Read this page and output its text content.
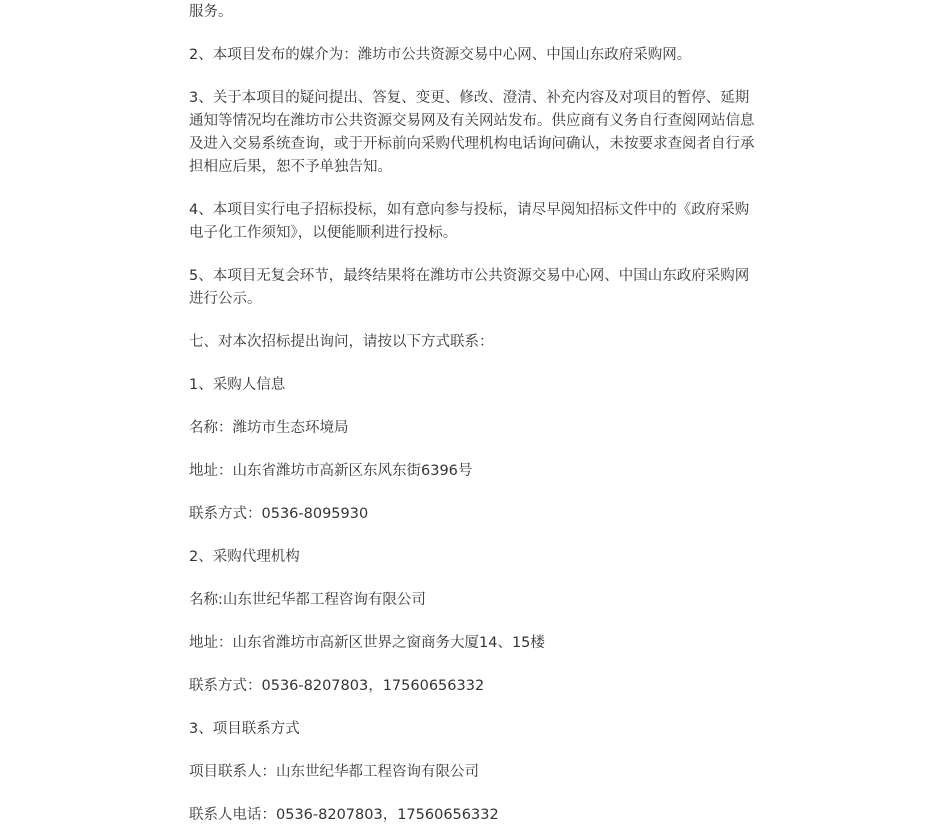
服务。

2、本项目发布的媒介为：潍坊市公共资源交易中心网、中国山东政府采购网。

3、关于本项目的疑问提出、答复、变更、修改、澄清、补充内容及对项目的暂停、延期通知等情况均在潍坊市公共资源交易网及有关网站发布。供应商有义务自行查阅网站信息及进入交易系统查询，或于开标前向采购代理机构电话询问确认，未按要求查阅者自行承担相应后果，恕不予单独告知。

4、本项目实行电子招标投标，如有意向参与投标，请尽早阅知招标文件中的《政府采购电子化工作须知》，以便能顺利进行投标。

5、本项目无复会环节，最终结果将在潍坊市公共资源交易中心网、中国山东政府采购网进行公示。

七、对本次招标提出询问，请按以下方式联系：

1、采购人信息

名称：潍坊市生态环境局

地址：山东省潍坊市高新区东风东街6396号

联系方式：0536-8095930

2、采购代理机构

名称:山东世纪华都工程咨询有限公司

地址：山东省潍坊市高新区世界之窗商务大厦14、15楼

联系方式：0536-8207803，17560656332

3、项目联系方式

项目联系人：山东世纪华都工程咨询有限公司

联系人电话：0536-8207803，17560656332
